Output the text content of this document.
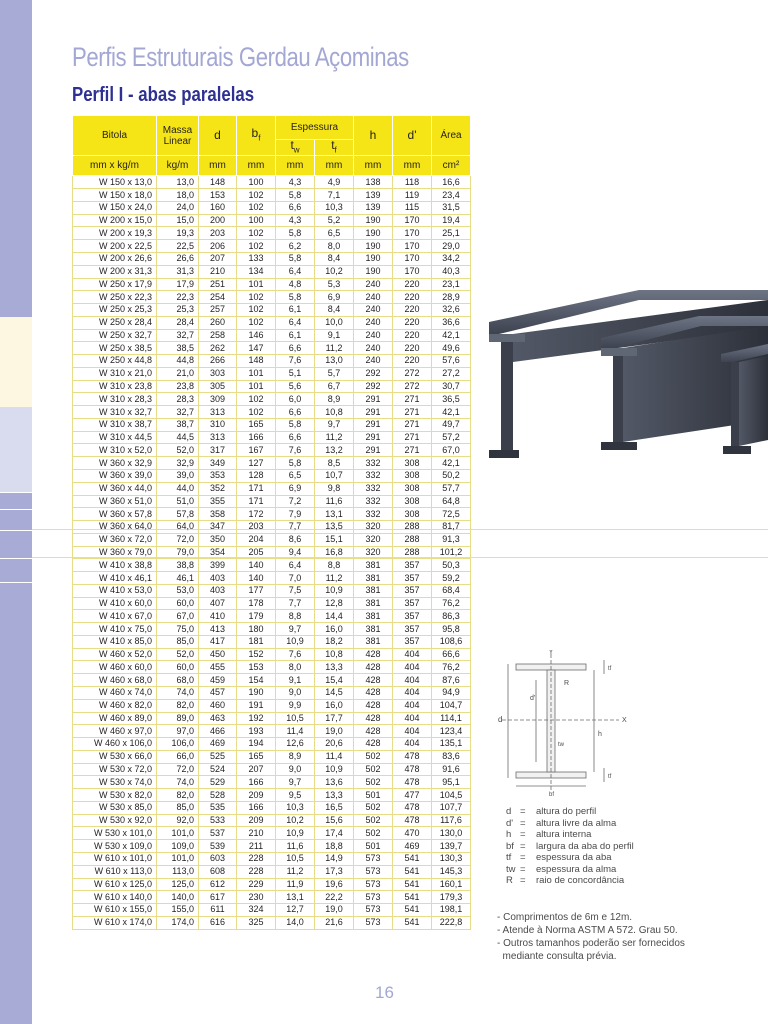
Perfis Estruturais Gerdau Açominas
Perfil I - abas paralelas
Bitola	Massa Linear	d	$b_f$	Espessura		h	d'	Área
				$t_w$	$t_f$
mm x kg/m	kg/m	mm	mm	mm	mm	mm	mm	cm²
W 150 x 13,0	13,0	148	100	4,3	4,9	138	118	16,6
W 150 x 18,0	18,0	153	102	5,8	7,1	139	119	23,4
W 150 x 24,0	24,0	160	102	6,6	10,3	139	115	31,5
W 200 x 15,0	15,0	200	100	4,3	5,2	190	170	19,4
W 200 x 19,3	19,3	203	102	5,8	6,5	190	170	25,1
W 200 x 22,5	22,5	206	102	6,2	8,0	190	170	29,0
W 200 x 26,6	26,6	207	133	5,8	8,4	190	170	34,2
W 200 x 31,3	31,3	210	134	6,4	10,2	190	170	40,3
W 250 x 17,9	17,9	251	101	4,8	5,3	240	220	23,1
W 250 x 22,3	22,3	254	102	5,8	6,9	240	220	28,9
W 250 x 25,3	25,3	257	102	6,1	8,4	240	220	32,6
W 250 x 28,4	28,4	260	102	6,4	10,0	240	220	36,6
W 250 x 32,7	32,7	258	146	6,1	9,1	240	220	42,1
W 250 x 38,5	38,5	262	147	6,6	11,2	240	220	49,6
W 250 x 44,8	44,8	266	148	7,6	13,0	240	220	57,6
W 310 x 21,0	21,0	303	101	5,1	5,7	292	272	27,2
W 310 x 23,8	23,8	305	101	5,6	6,7	292	272	30,7
W 310 x 28,3	28,3	309	102	6,0	8,9	291	271	36,5
W 310 x 32,7	32,7	313	102	6,6	10,8	291	271	42,1
W 310 x 38,7	38,7	310	165	5,8	9,7	291	271	49,7
W 310 x 44,5	44,5	313	166	6,6	11,2	291	271	57,2
W 310 x 52,0	52,0	317	167	7,6	13,2	291	271	67,0
W 360 x 32,9	32,9	349	127	5,8	8,5	332	308	42,1
W 360 x 39,0	39,0	353	128	6,5	10,7	332	308	50,2
W 360 x 44,0	44,0	352	171	6,9	9,8	332	308	57,7
W 360 x 51,0	51,0	355	171	7,2	11,6	332	308	64,8
W 360 x 57,8	57,8	358	172	7,9	13,1	332	308	72,5
W 360 x 64,0	64,0	347	203	7,7	13,5	320	288	81,7
W 360 x 72,0	72,0	350	204	8,6	15,1	320	288	91,3
W 360 x 79,0	79,0	354	205	9,4	16,8	320	288	101,2
W 410 x 38,8	38,8	399	140	6,4	8,8	381	357	50,3
W 410 x 46,1	46,1	403	140	7,0	11,2	381	357	59,2
W 410 x 53,0	53,0	403	177	7,5	10,9	381	357	68,4
W 410 x 60,0	60,0	407	178	7,7	12,8	381	357	76,2
W 410 x 67,0	67,0	410	179	8,8	14,4	381	357	86,3
W 410 x 75,0	75,0	413	180	9,7	16,0	381	357	95,8
W 410 x 85,0	85,0	417	181	10,9	18,2	381	357	108,6
W 460 x 52,0	52,0	450	152	7,6	10,8	428	404	66,6
W 460 x 60,0	60,0	455	153	8,0	13,3	428	404	76,2
W 460 x 68,0	68,0	459	154	9,1	15,4	428	404	87,6
W 460 x 74,0	74,0	457	190	9,0	14,5	428	404	94,9
W 460 x 82,0	82,0	460	191	9,9	16,0	428	404	104,7
W 460 x 89,0	89,0	463	192	10,5	17,7	428	404	114,1
W 460 x 97,0	97,0	466	193	11,4	19,0	428	404	123,4
W 460 x 106,0	106,0	469	194	12,6	20,6	428	404	135,1
W 530 x 66,0	66,0	525	165	8,9	11,4	502	478	83,6
W 530 x 72,0	72,0	524	207	9,0	10,9	502	478	91,6
W 530 x 74,0	74,0	529	166	9,7	13,6	502	478	95,1
W 530 x 82,0	82,0	528	209	9,5	13,3	501	477	104,5
W 530 x 85,0	85,0	535	166	10,3	16,5	502	478	107,7
W 530 x 92,0	92,0	533	209	10,2	15,6	502	478	117,6
W 530 x 101,0	101,0	537	210	10,9	17,4	502	470	130,0
W 530 x 109,0	109,0	539	211	11,6	18,8	501	469	139,7
W 610 x 101,0	101,0	603	228	10,5	14,9	573	541	130,3
W 610 x 113,0	113,0	608	228	11,2	17,3	573	541	145,3
W 610 x 125,0	125,0	612	229	11,9	19,6	573	541	160,1
W 610 x 140,0	140,0	617	230	13,1	22,2	573	541	179,3
W 610 x 155,0	155,0	611	324	12,7	19,0	573	541	198,1
W 610 x 174,0	174,0	616	325	14,0	21,6	573	541	222,8
Y
X
d
d'
R
h
tf
tf
tw
bf
d =	altura do perfil
d' =	altura livre da alma
h =	altura interna
bf =	largura da aba do perfil
tf =	espessura da aba
tw =	espessura da alma
R =	raio de concordância
- Comprimentos de 6m e 12m.
- Atende à Norma ASTM A 572. Grau 50.
- Outros tamanhos poderão ser fornecidos
mediante consulta prévia.
16
